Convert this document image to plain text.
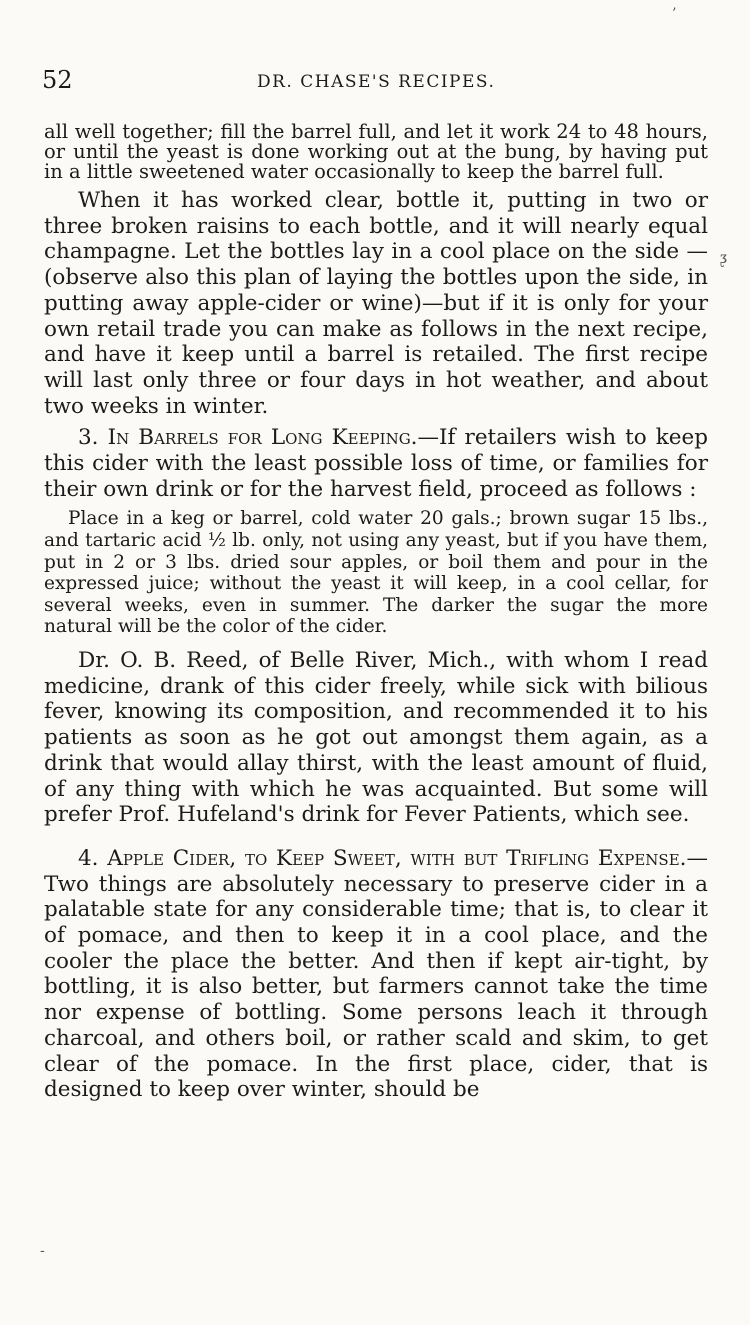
’
52	DR. CHASE'S RECIPES.
ᶚ

all well together; fill the barrel full, and let it work 24 to 48 hours, or until the yeast is done working out at the bung, by having put in a little sweetened water occasionally to keep the barrel full.

When it has worked clear, bottle it, putting in two or three broken raisins to each bottle, and it will nearly equal champagne. Let the bottles lay in a cool place on the side —(observe also this plan of laying the bottles upon the side, in putting away apple-cider or wine)—but if it is only for your own retail trade you can make as follows in the next recipe, and have it keep until a barrel is retailed. The first recipe will last only three or four days in hot weather, and about two weeks in winter.

3. In Barrels for Long Keeping.—If retailers wish to keep this cider with the least possible loss of time, or families for their own drink or for the harvest field, proceed as follows :

Place in a keg or barrel, cold water 20 gals.; brown sugar 15 lbs., and tartaric acid ½ lb. only, not using any yeast, but if you have them, put in 2 or 3 lbs. dried sour apples, or boil them and pour in the expressed juice; without the yeast it will keep, in a cool cellar, for several weeks, even in summer. The darker the sugar the more natural will be the color of the cider.

Dr. O. B. Reed, of Belle River, Mich., with whom I read medicine, drank of this cider freely, while sick with bilious fever, knowing its composition, and recommended it to his patients as soon as he got out amongst them again, as a drink that would allay thirst, with the least amount of fluid, of any thing with which he was acquainted. But some will prefer Prof. Hufeland's drink for Fever Patients, which see.

4. Apple Cider, to Keep Sweet, with but Trifling Expense.—Two things are absolutely necessary to preserve cider in a palatable state for any considerable time; that is, to clear it of pomace, and then to keep it in a cool place, and the cooler the place the better. And then if kept air-tight, by bottling, it is also better, but farmers cannot take the time nor expense of bottling. Some persons leach it through charcoal, and others boil, or rather scald and skim, to get clear of the pomace. In the first place, cider, that is designed to keep over winter, should be

-
